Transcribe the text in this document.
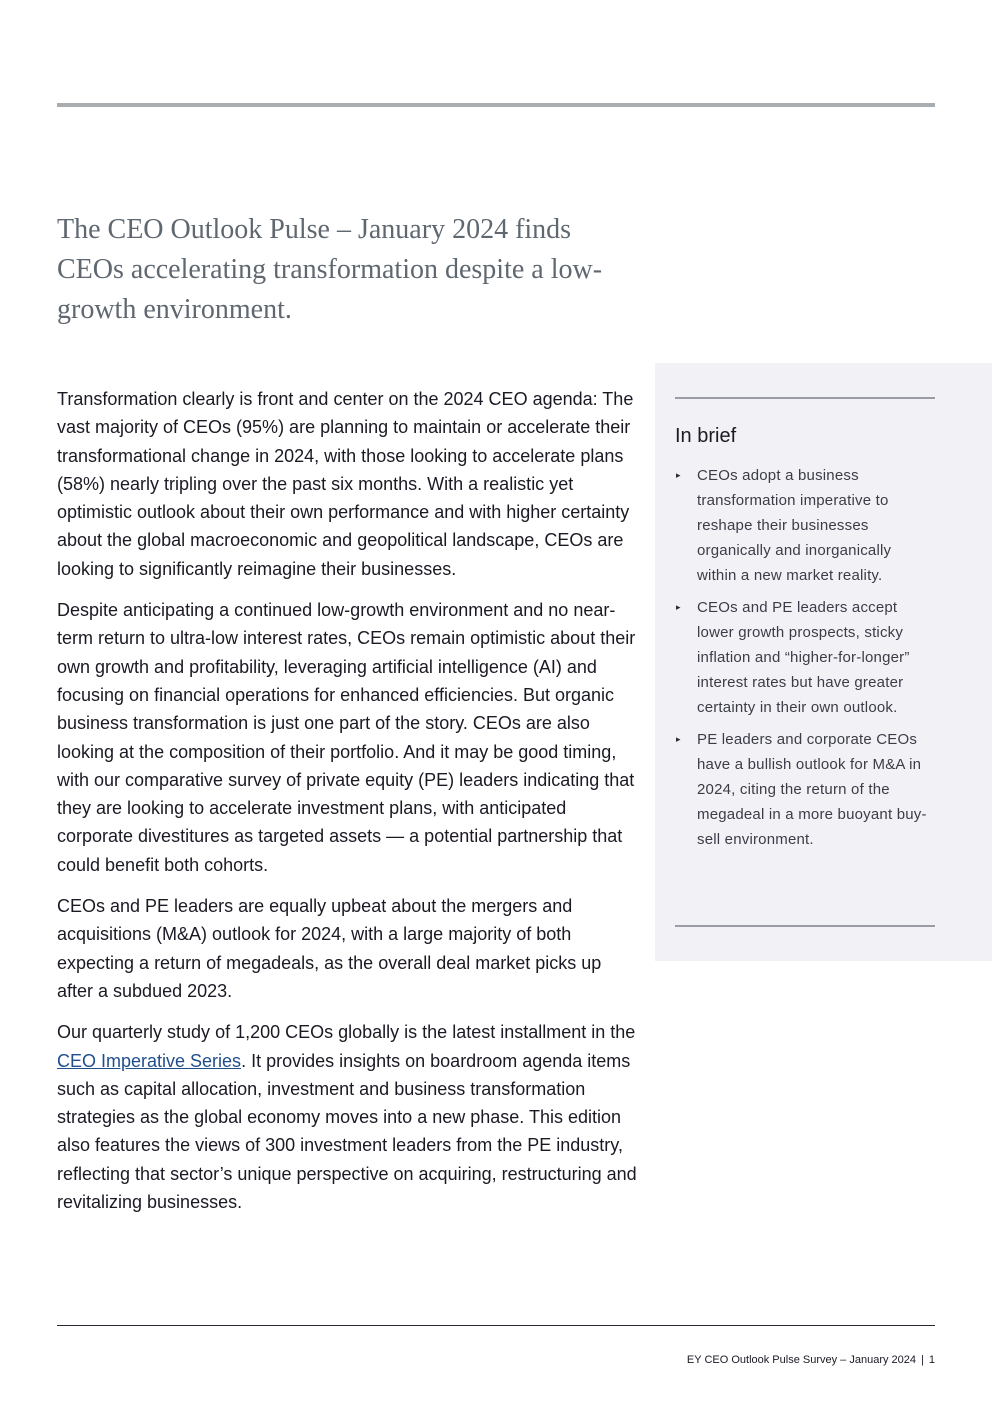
The CEO Outlook Pulse – January 2024 finds CEOs accelerating transformation despite a low-growth environment.

Transformation clearly is front and center on the 2024 CEO agenda: The vast majority of CEOs (95%) are planning to maintain or accelerate their transformational change in 2024, with those looking to accelerate plans (58%) nearly tripling over the past six months. With a realistic yet optimistic outlook about their own performance and with higher certainty about the global macroeconomic and geopolitical landscape, CEOs are looking to significantly reimagine their businesses.

Despite anticipating a continued low-growth environment and no near-term return to ultra-low interest rates, CEOs remain optimistic about their own growth and profitability, leveraging artificial intelligence (AI) and focusing on financial operations for enhanced efficiencies. But organic business transformation is just one part of the story. CEOs are also looking at the composition of their portfolio. And it may be good timing, with our comparative survey of private equity (PE) leaders indicating that they are looking to accelerate investment plans, with anticipated corporate divestitures as targeted assets — a potential partnership that could benefit both cohorts.

CEOs and PE leaders are equally upbeat about the mergers and acquisitions (M&A) outlook for 2024, with a large majority of both expecting a return of megadeals, as the overall deal market picks up after a subdued 2023.

Our quarterly study of 1,200 CEOs globally is the latest installment in the CEO Imperative Series. It provides insights on boardroom agenda items such as capital allocation, investment and business transformation strategies as the global economy moves into a new phase. This edition also features the views of 300 investment leaders from the PE industry, reflecting that sector’s unique perspective on acquiring, restructuring and revitalizing businesses.

In brief
▸ CEOs adopt a business transformation imperative to reshape their businesses organically and inorganically within a new market reality.
▸ CEOs and PE leaders accept lower growth prospects, sticky inflation and “higher-for-longer” interest rates but have greater certainty in their own outlook.
▸ PE leaders and corporate CEOs have a bullish outlook for M&A in 2024, citing the return of the megadeal in a more buoyant buy-sell environment.
EY CEO Outlook Pulse Survey – January 2024 | 1
